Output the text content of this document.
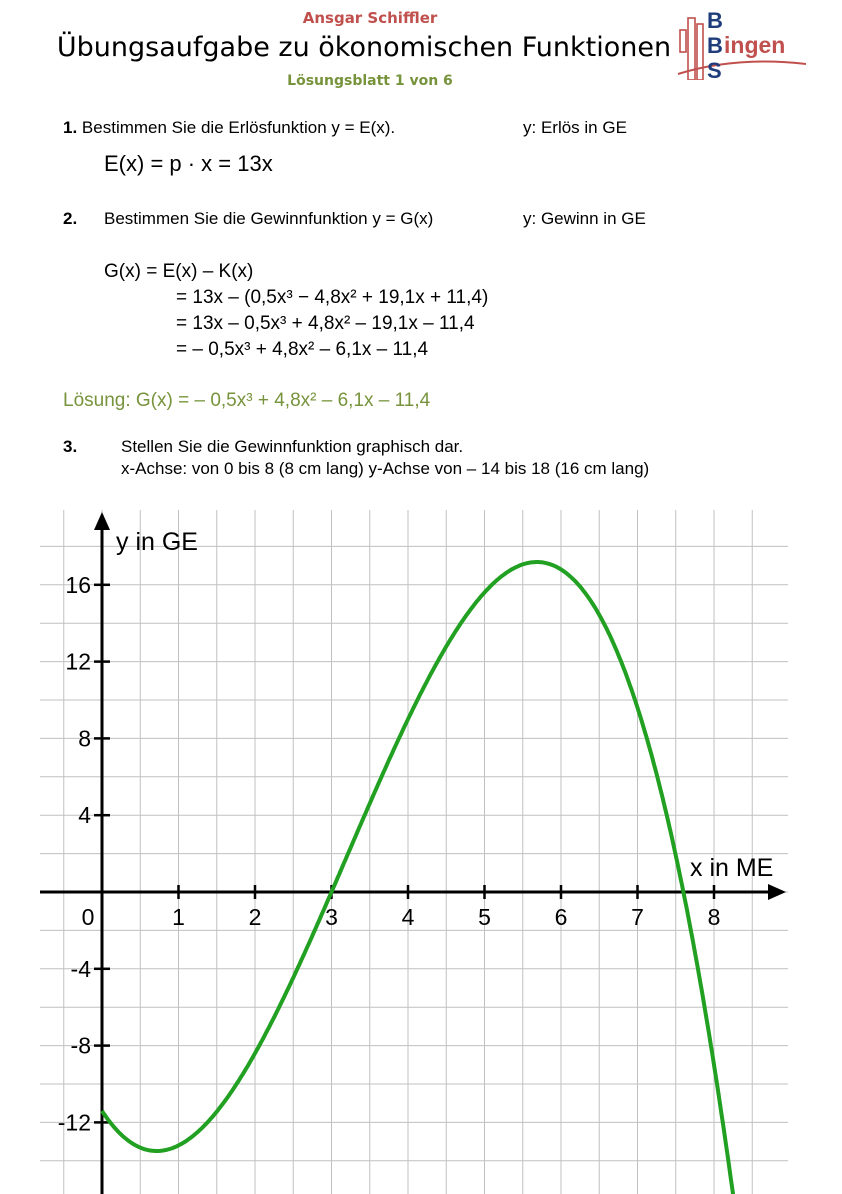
Ansgar Schiffler
Übungsaufgabe zu ökonomischen Funktionen
Lösungsblatt 1 von 6
B
B
S
ingen
1. Bestimmen Sie die Erlösfunktion y = E(x).	y: Erlös in GE
E(x) = p · x = 13x
2. Bestimmen Sie die Gewinnfunktion y = G(x)	y: Gewinn in GE
G(x) = E(x) – K(x)
= 13x – (0,5x³ − 4,8x² + 19,1x + 11,4)
= 13x – 0,5x³ + 4,8x² – 19,1x – 11,4
= – 0,5x³ + 4,8x² – 6,1x – 11,4
Lösung: G(x) = – 0,5x³ + 4,8x² – 6,1x – 11,4
3.	Stellen Sie die Gewinnfunktion graphisch dar.
x-Achse: von 0 bis 8 (8 cm lang) y-Achse von – 14 bis 18 (16 cm lang)
0	1	2	3	4	5	6	7	8
-12
-8
-4
4
8
12
16
x in ME
y in GE
